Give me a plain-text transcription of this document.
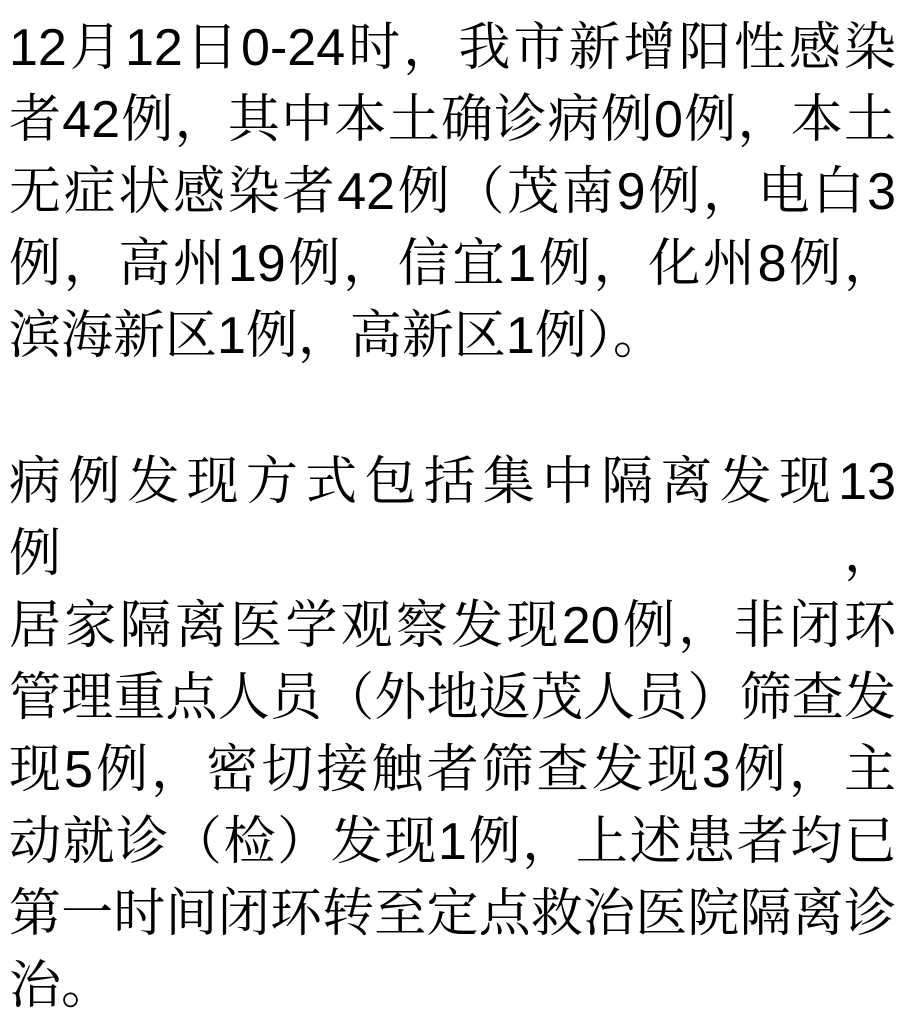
12月12日0-24时，我市新增阳性感染
者42例，其中本土确诊病例0例，本土
无症状感染者42例（茂南9例，电白3
例，高州19例，信宜1例，化州8例，
滨海新区1例，高新区1例）。
病例发现方式包括集中隔离发现13例，
居家隔离医学观察发现20例，非闭环
管理重点人员（外地返茂人员）筛查发
现5例，密切接触者筛查发现3例，主
动就诊（检）发现1例，上述患者均已
第一时间闭环转至定点救治医院隔离诊
治。
